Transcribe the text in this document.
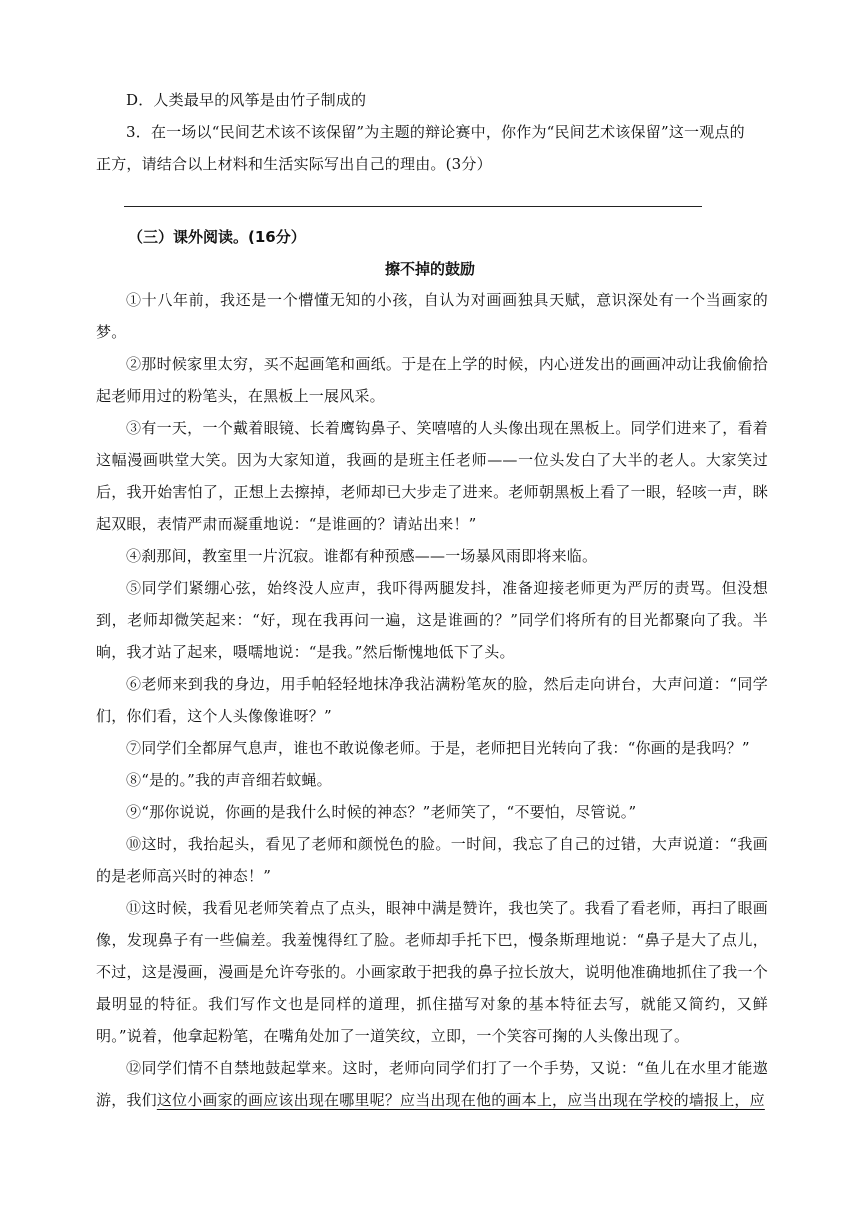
D．人类最早的风筝是由竹子制成的

3．在一场以“民间艺术该不该保留”为主题的辩论赛中，你作为“民间艺术该保留”这一观点的

正方，请结合以上材料和生活实际写出自己的理由。(3分）

（三）课外阅读。(16分）
擦不掉的鼓励

①十八年前，我还是一个懵懂无知的小孩，自认为对画画独具天赋，意识深处有一个当画家的梦。

②那时候家里太穷，买不起画笔和画纸。于是在上学的时候，内心迸发出的画画冲动让我偷偷拾起老师用过的粉笔头，在黑板上一展风采。

③有一天，一个戴着眼镜、长着鹰钩鼻子、笑嘻嘻的人头像出现在黑板上。同学们进来了，看着这幅漫画哄堂大笑。因为大家知道，我画的是班主任老师——一位头发白了大半的老人。大家笑过后，我开始害怕了，正想上去擦掉，老师却已大步走了进来。老师朝黑板上看了一眼，轻咳一声，眯起双眼，表情严肃而凝重地说：“是谁画的？请站出来！”

④刹那间，教室里一片沉寂。谁都有种预感——一场暴风雨即将来临。

⑤同学们紧绷心弦，始终没人应声，我吓得两腿发抖，准备迎接老师更为严厉的责骂。但没想到，老师却微笑起来：“好，现在我再问一遍，这是谁画的？”同学们将所有的目光都聚向了我。半晌，我才站了起来，嗫嚅地说：“是我。”然后惭愧地低下了头。

⑥老师来到我的身边，用手帕轻轻地抹净我沾满粉笔灰的脸，然后走向讲台，大声问道：“同学们，你们看，这个人头像像谁呀？”

⑦同学们全都屏气息声，谁也不敢说像老师。于是，老师把目光转向了我：“你画的是我吗？”

⑧“是的。”我的声音细若蚊蝇。

⑨“那你说说，你画的是我什么时候的神态？”老师笑了，“不要怕，尽管说。”

⑩这时，我抬起头，看见了老师和颜悦色的脸。一时间，我忘了自己的过错，大声说道：“我画的是老师高兴时的神态！”

⑪这时候，我看见老师笑着点了点头，眼神中满是赞许，我也笑了。我看了看老师，再扫了眼画像，发现鼻子有一些偏差。我羞愧得红了脸。老师却手托下巴，慢条斯理地说：“鼻子是大了点儿，不过，这是漫画，漫画是允许夸张的。小画家敢于把我的鼻子拉长放大，说明他准确地抓住了我一个最明显的特征。我们写作文也是同样的道理，抓住描写对象的基本特征去写，就能又简约，又鲜明。”说着，他拿起粉笔，在嘴角处加了一道笑纹，立即，一个笑容可掬的人头像出现了。

⑫同学们情不自禁地鼓起掌来。这时，老师向同学们打了一个手势，又说：“鱼儿在水里才能遨游，我们这位小画家的画应该出现在哪里呢？应当出现在他的画本上，应当出现在学校的墙报上，应
